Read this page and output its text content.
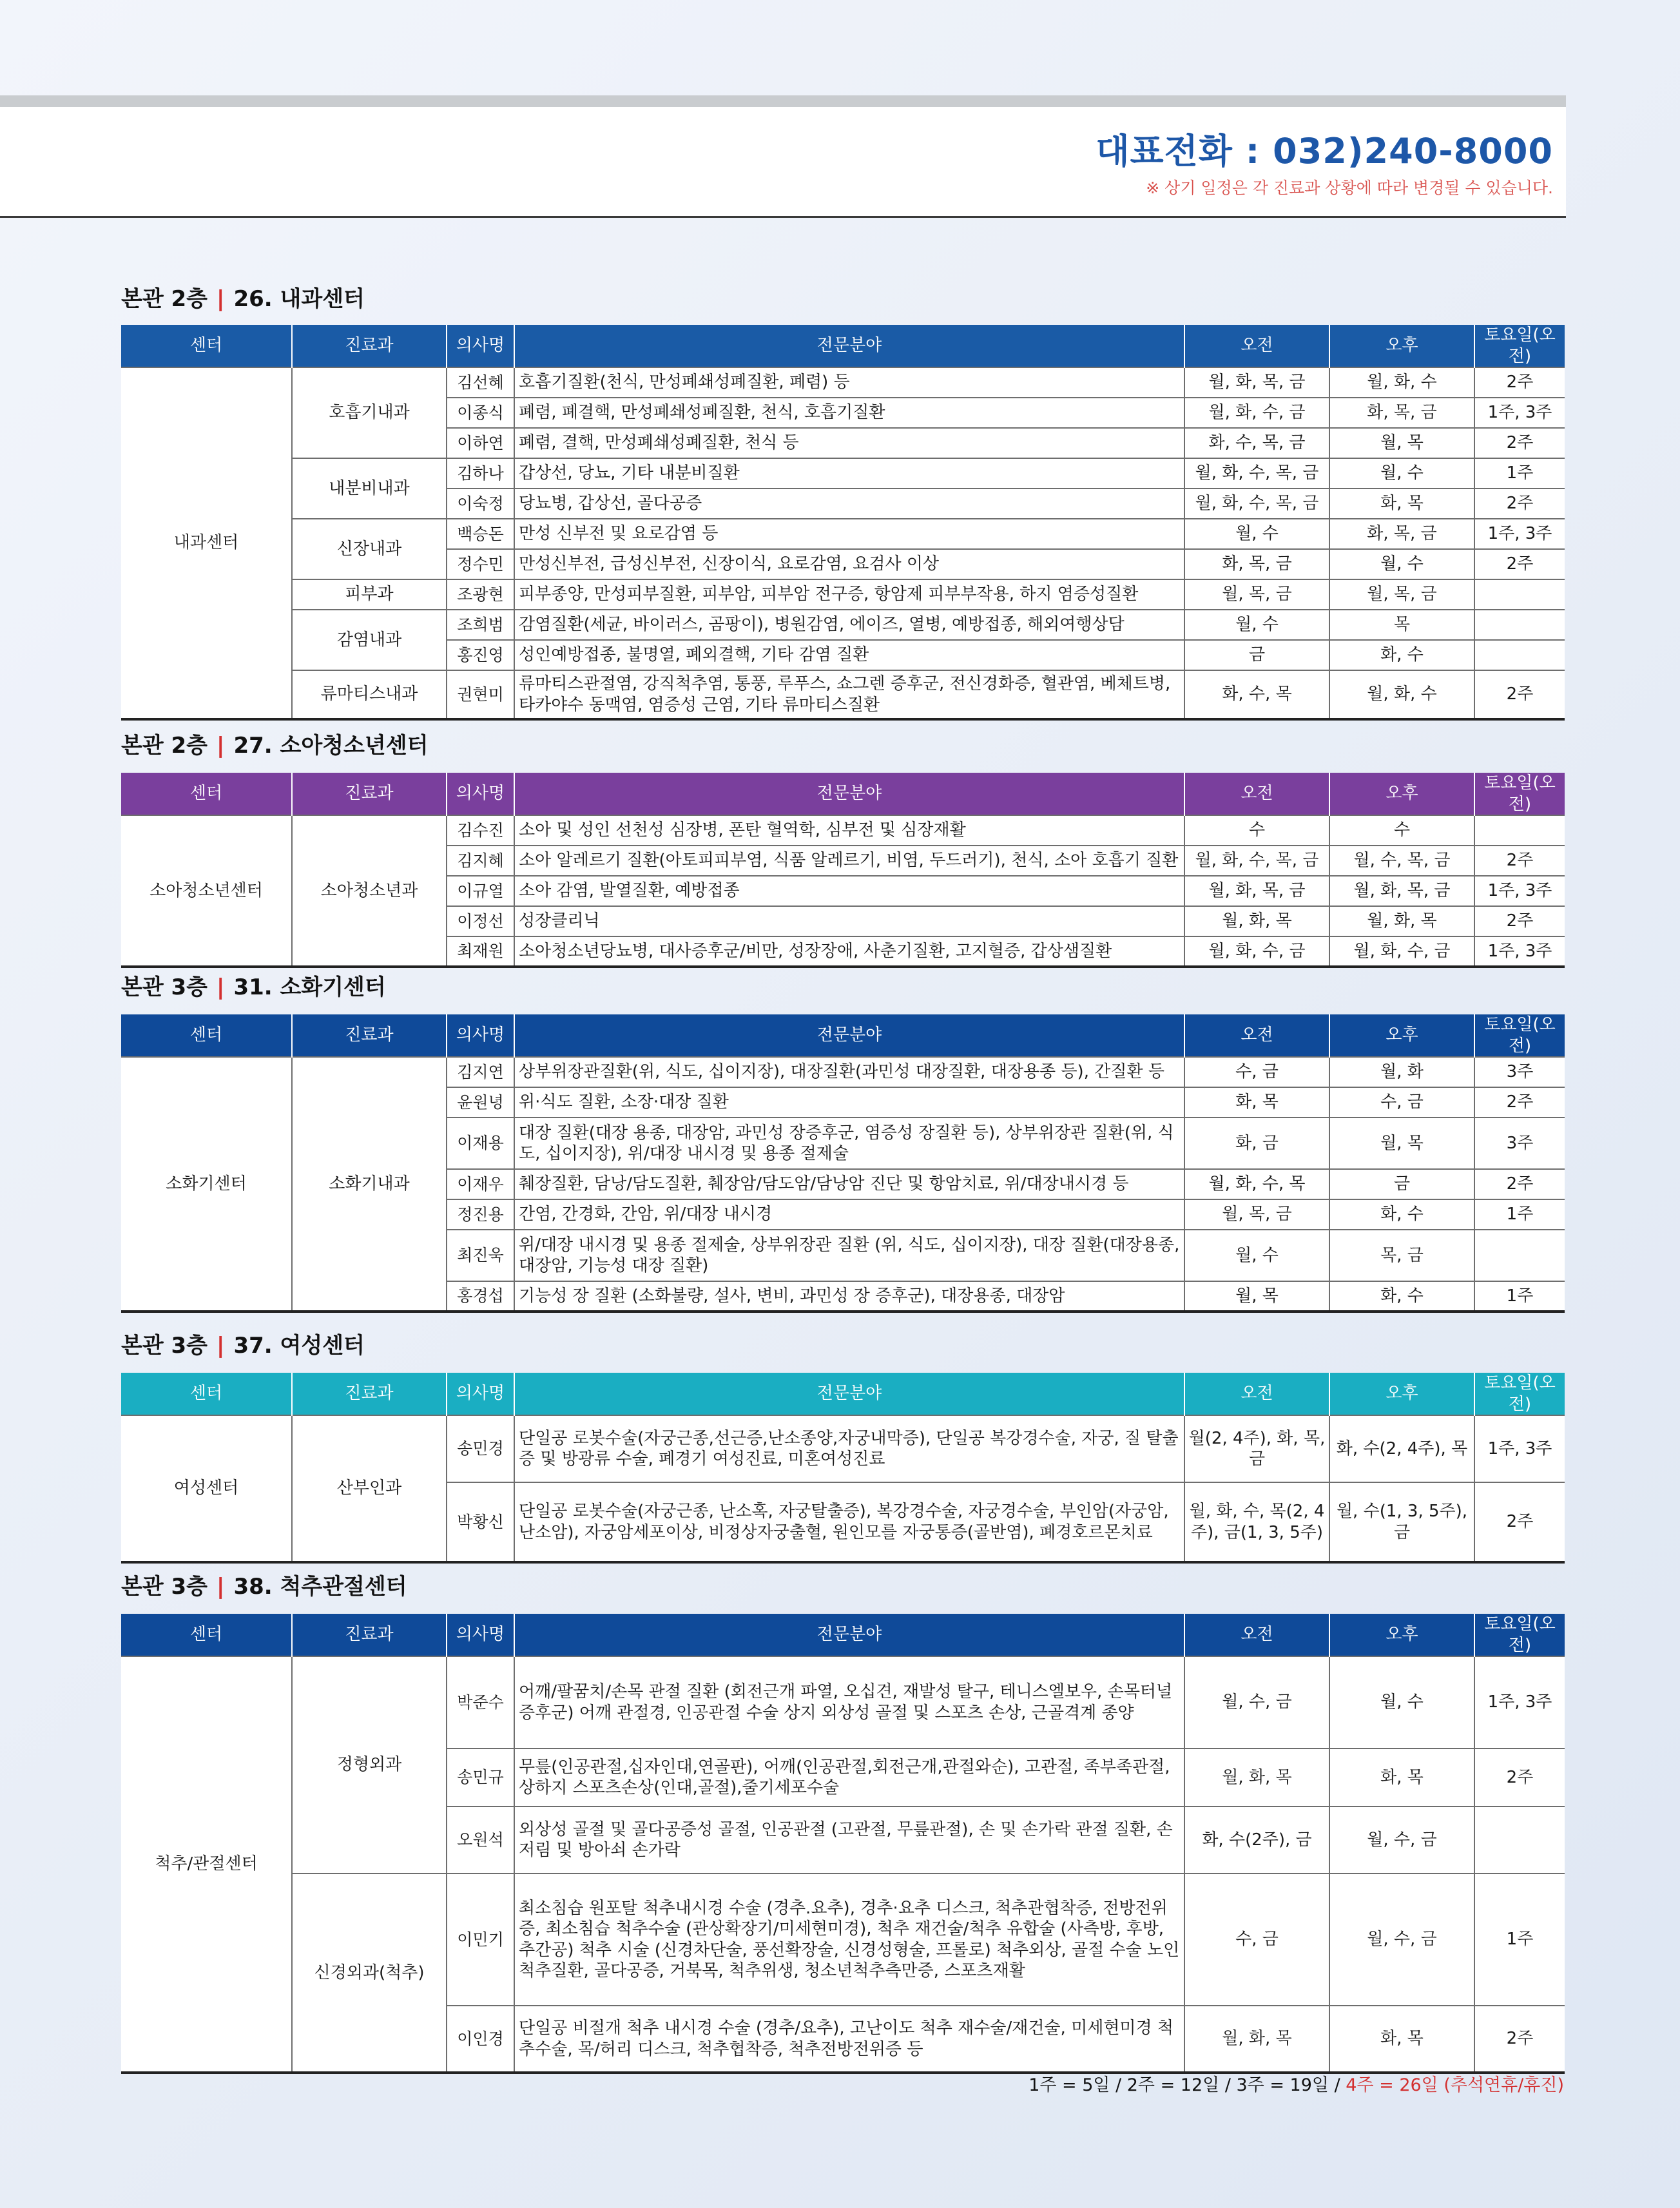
대표전화 : 032)240-8000
※ 상기 일정은 각 진료과 상황에 따라 변경될 수 있습니다.
본관 2층 | 26. 내과센터
센터	진료과	의사명	전문분야	오전	오후	토요일(오전)
내과센터	호흡기내과	김선혜	호흡기질환(천식, 만성폐쇄성폐질환, 폐렴) 등	월, 화, 목, 금	월, 화, 수	2주
		이종식	폐렴, 폐결핵, 만성폐쇄성폐질환, 천식, 호흡기질환	월, 화, 수, 금	화, 목, 금	1주, 3주
		이하연	폐렴, 결핵, 만성폐쇄성폐질환, 천식 등	화, 수, 목, 금	월, 목	2주
	내분비내과	김하나	갑상선, 당뇨, 기타 내분비질환	월, 화, 수, 목, 금	월, 수	1주
		이숙정	당뇨병, 갑상선, 골다공증	월, 화, 수, 목, 금	화, 목	2주
	신장내과	백승돈	만성 신부전 및 요로감염 등	월, 수	화, 목, 금	1주, 3주
		정수민	만성신부전, 급성신부전, 신장이식, 요로감염, 요검사 이상	화, 목, 금	월, 수	2주
	피부과	조광현	피부종양, 만성피부질환, 피부암, 피부암 전구증, 항암제 피부부작용, 하지 염증성질환	월, 목, 금	월, 목, 금	
	감염내과	조희범	감염질환(세균, 바이러스, 곰팡이), 병원감염, 에이즈, 열병, 예방접종, 해외여행상담	월, 수	목	
		홍진영	성인예방접종, 불명열, 폐외결핵, 기타 감염 질환	금	화, 수	
	류마티스내과	권현미	류마티스관절염, 강직척추염, 통풍, 루푸스, 쇼그렌 증후군, 전신경화증, 혈관염, 베체트병, 타카야수 동맥염, 염증성 근염, 기타 류마티스질환	화, 수, 목	월, 화, 수	2주
본관 2층 | 27. 소아청소년센터
센터	진료과	의사명	전문분야	오전	오후	토요일(오전)
소아청소년센터	소아청소년과	김수진	소아 및 성인 선천성 심장병, 폰탄 혈역학, 심부전 및 심장재활	수	수	
		김지혜	소아 알레르기 질환(아토피피부염, 식품 알레르기, 비염, 두드러기), 천식, 소아 호흡기 질환	월, 화, 수, 목, 금	월, 수, 목, 금	2주
		이규열	소아 감염, 발열질환, 예방접종	월, 화, 목, 금	월, 화, 목, 금	1주, 3주
		이정선	성장클리닉	월, 화, 목	월, 화, 목	2주
		최재원	소아청소년당뇨병, 대사증후군/비만, 성장장애, 사춘기질환, 고지혈증, 갑상샘질환	월, 화, 수, 금	월, 화, 수, 금	1주, 3주
본관 3층 | 31. 소화기센터
센터	진료과	의사명	전문분야	오전	오후	토요일(오전)
소화기센터	소화기내과	김지연	상부위장관질환(위, 식도, 십이지장), 대장질환(과민성 대장질환, 대장용종 등), 간질환 등	수, 금	월, 화	3주
		윤원녕	위·식도 질환, 소장·대장 질환	화, 목	수, 금	2주
		이재용	대장 질환(대장 용종, 대장암, 과민성 장증후군, 염증성 장질환 등), 상부위장관 질환(위, 식도, 십이지장), 위/대장 내시경 및 용종 절제술	화, 금	월, 목	3주
		이재우	췌장질환, 담낭/담도질환, 췌장암/담도암/담낭암 진단 및 항암치료, 위/대장내시경 등	월, 화, 수, 목	금	2주
		정진용	간염, 간경화, 간암, 위/대장 내시경	월, 목, 금	화, 수	1주
		최진욱	위/대장 내시경 및 용종 절제술, 상부위장관 질환 (위, 식도, 십이지장), 대장 질환(대장용종, 대장암, 기능성 대장 질환)	월, 수	목, 금	
		홍경섭	기능성 장 질환 (소화불량, 설사, 변비, 과민성 장 증후군), 대장용종, 대장암	월, 목	화, 수	1주
본관 3층 | 37. 여성센터
센터	진료과	의사명	전문분야	오전	오후	토요일(오전)
여성센터	산부인과	송민경	단일공 로봇수술(자궁근종,선근증,난소종양,자궁내막증), 단일공 복강경수술, 자궁, 질 탈출증 및 방광류 수술, 폐경기 여성진료, 미혼여성진료	월(2, 4주), 화, 목, 금	화, 수(2, 4주), 목	1주, 3주
		박황신	단일공 로봇수술(자궁근종, 난소혹, 자궁탈출증), 복강경수술, 자궁경수술, 부인암(자궁암, 난소암), 자궁암세포이상, 비정상자궁출혈, 원인모를 자궁통증(골반염), 폐경호르몬치료	월, 화, 수, 목(2, 4주), 금(1, 3, 5주)	월, 수(1, 3, 5주), 금	2주
본관 3층 | 38. 척추관절센터
센터	진료과	의사명	전문분야	오전	오후	토요일(오전)
척추/관절센터	정형외과	박준수	어깨/팔꿈치/손목 관절 질환 (회전근개 파열, 오십견, 재발성 탈구, 테니스엘보우, 손목터널증후군) 어깨 관절경, 인공관절 수술 상지 외상성 골절 및 스포츠 손상, 근골격계 종양	월, 수, 금	월, 수	1주, 3주
		송민규	무릎(인공관절,십자인대,연골판), 어깨(인공관절,회전근개,관절와순), 고관절, 족부족관절, 상하지 스포츠손상(인대,골절),줄기세포수술	월, 화, 목	화, 목	2주
		오원석	외상성 골절 및 골다공증성 골절, 인공관절 (고관절, 무릎관절), 손 및 손가락 관절 질환, 손저림 및 방아쇠 손가락	화, 수(2주), 금	월, 수, 금	
	신경외과(척추)	이민기	최소침습 원포탈 척추내시경 수술 (경추.요추), 경추·요추 디스크, 척추관협착증, 전방전위증, 최소침습 척추수술 (관상확장기/미세현미경), 척추 재건술/척추 유합술 (사측방, 후방, 추간공) 척추 시술 (신경차단술, 풍선확장술, 신경성형술, 프롤로) 척추외상, 골절 수술 노인척추질환, 골다공증, 거북목, 척추위생, 청소년척추측만증, 스포츠재활	수, 금	월, 수, 금	1주
		이인경	단일공 비절개 척추 내시경 수술 (경추/요추), 고난이도 척추 재수술/재건술, 미세현미경 척추수술, 목/허리 디스크, 척추협착증, 척추전방전위증 등	월, 화, 목	화, 목	2주
1주 = 5일 / 2주 = 12일 / 3주 = 19일 / 4주 = 26일 (추석연휴/휴진)
